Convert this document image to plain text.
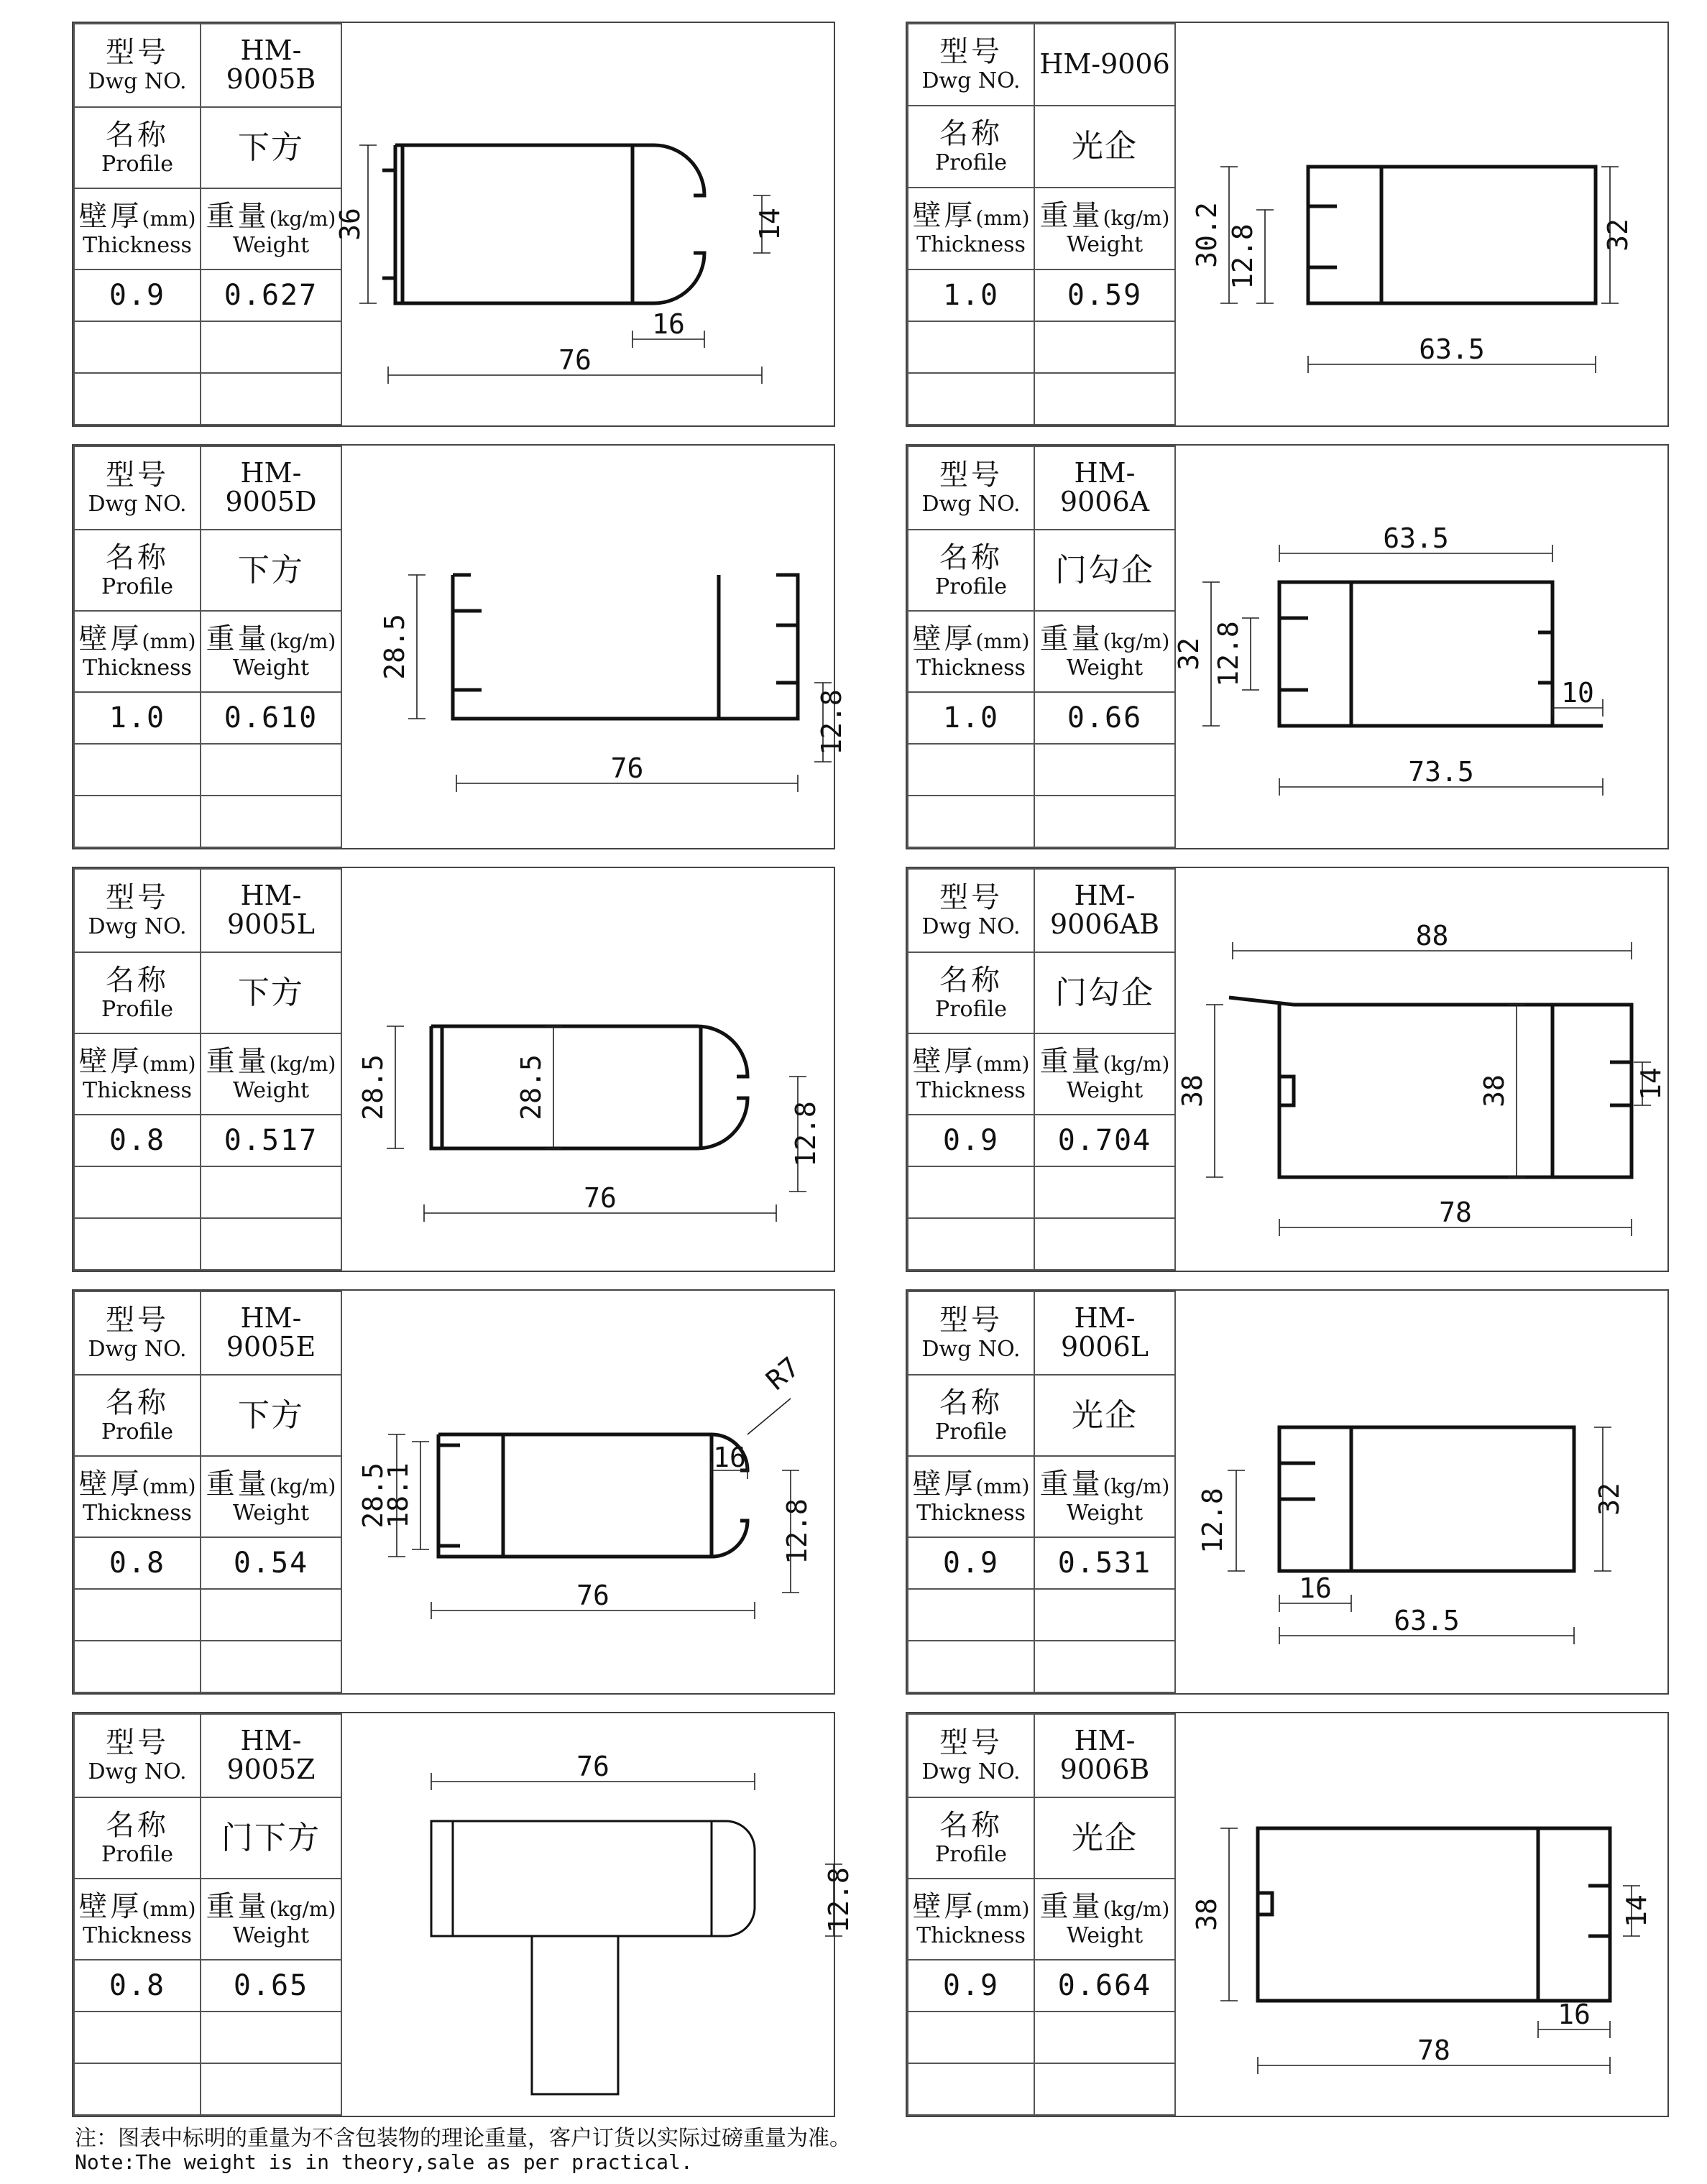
型号
Dwg NO.	HM-9005B

名称
Profile	下方

壁厚(mm)
Thickness	重量(kg/m)
Weight

0.9	0.627

36	14
16
76
型号
Dwg NO.	HM-9006

名称
Profile	光企

壁厚(mm)
Thickness	重量(kg/m)
Weight

1.0	0.59

30.2 12.8	32
63.5
型号
Dwg NO.	HM-9005D

名称
Profile	下方

壁厚(mm)
Thickness	重量(kg/m)
Weight

1.0	0.610

28.5
12.8
76
型号
Dwg NO.	HM-9006A

名称
Profile	门勾企

壁厚(mm)
Thickness	重量(kg/m)
Weight

1.0	0.66

63.5
32 12.8
10
73.5
型号
Dwg NO.	HM-9005L

名称
Profile	下方

壁厚(mm)
Thickness	重量(kg/m)
Weight

0.8	0.517

28.5	28.5
12.8
76
型号
Dwg NO.	HM-9006AB

名称
Profile	门勾企

壁厚(mm)
Thickness	重量(kg/m)
Weight

0.9	0.704

88
38	38	14
78
型号
Dwg NO.	HM-9005E

名称
Profile	下方

壁厚(mm)
Thickness	重量(kg/m)
Weight

0.8	0.54

28.5
18.1
R7
16
12.8
76
型号
Dwg NO.	HM-9006L

名称
Profile	光企

壁厚(mm)
Thickness	重量(kg/m)
Weight

0.9	0.531

12.8
16
63.5
32
型号
Dwg NO.	HM-9005Z

名称
Profile	门下方

壁厚(mm)
Thickness	重量(kg/m)
Weight

0.8	0.65

76
12.8
型号
Dwg NO.	HM-9006B

名称
Profile	光企

壁厚(mm)
Thickness	重量(kg/m)
Weight

0.9	0.664

38	14
16
78
注：图表中标明的重量为不含包装物的理论重量，客户订货以实际过磅重量为准。
Note:The weight is in theory,sale as per practical.
